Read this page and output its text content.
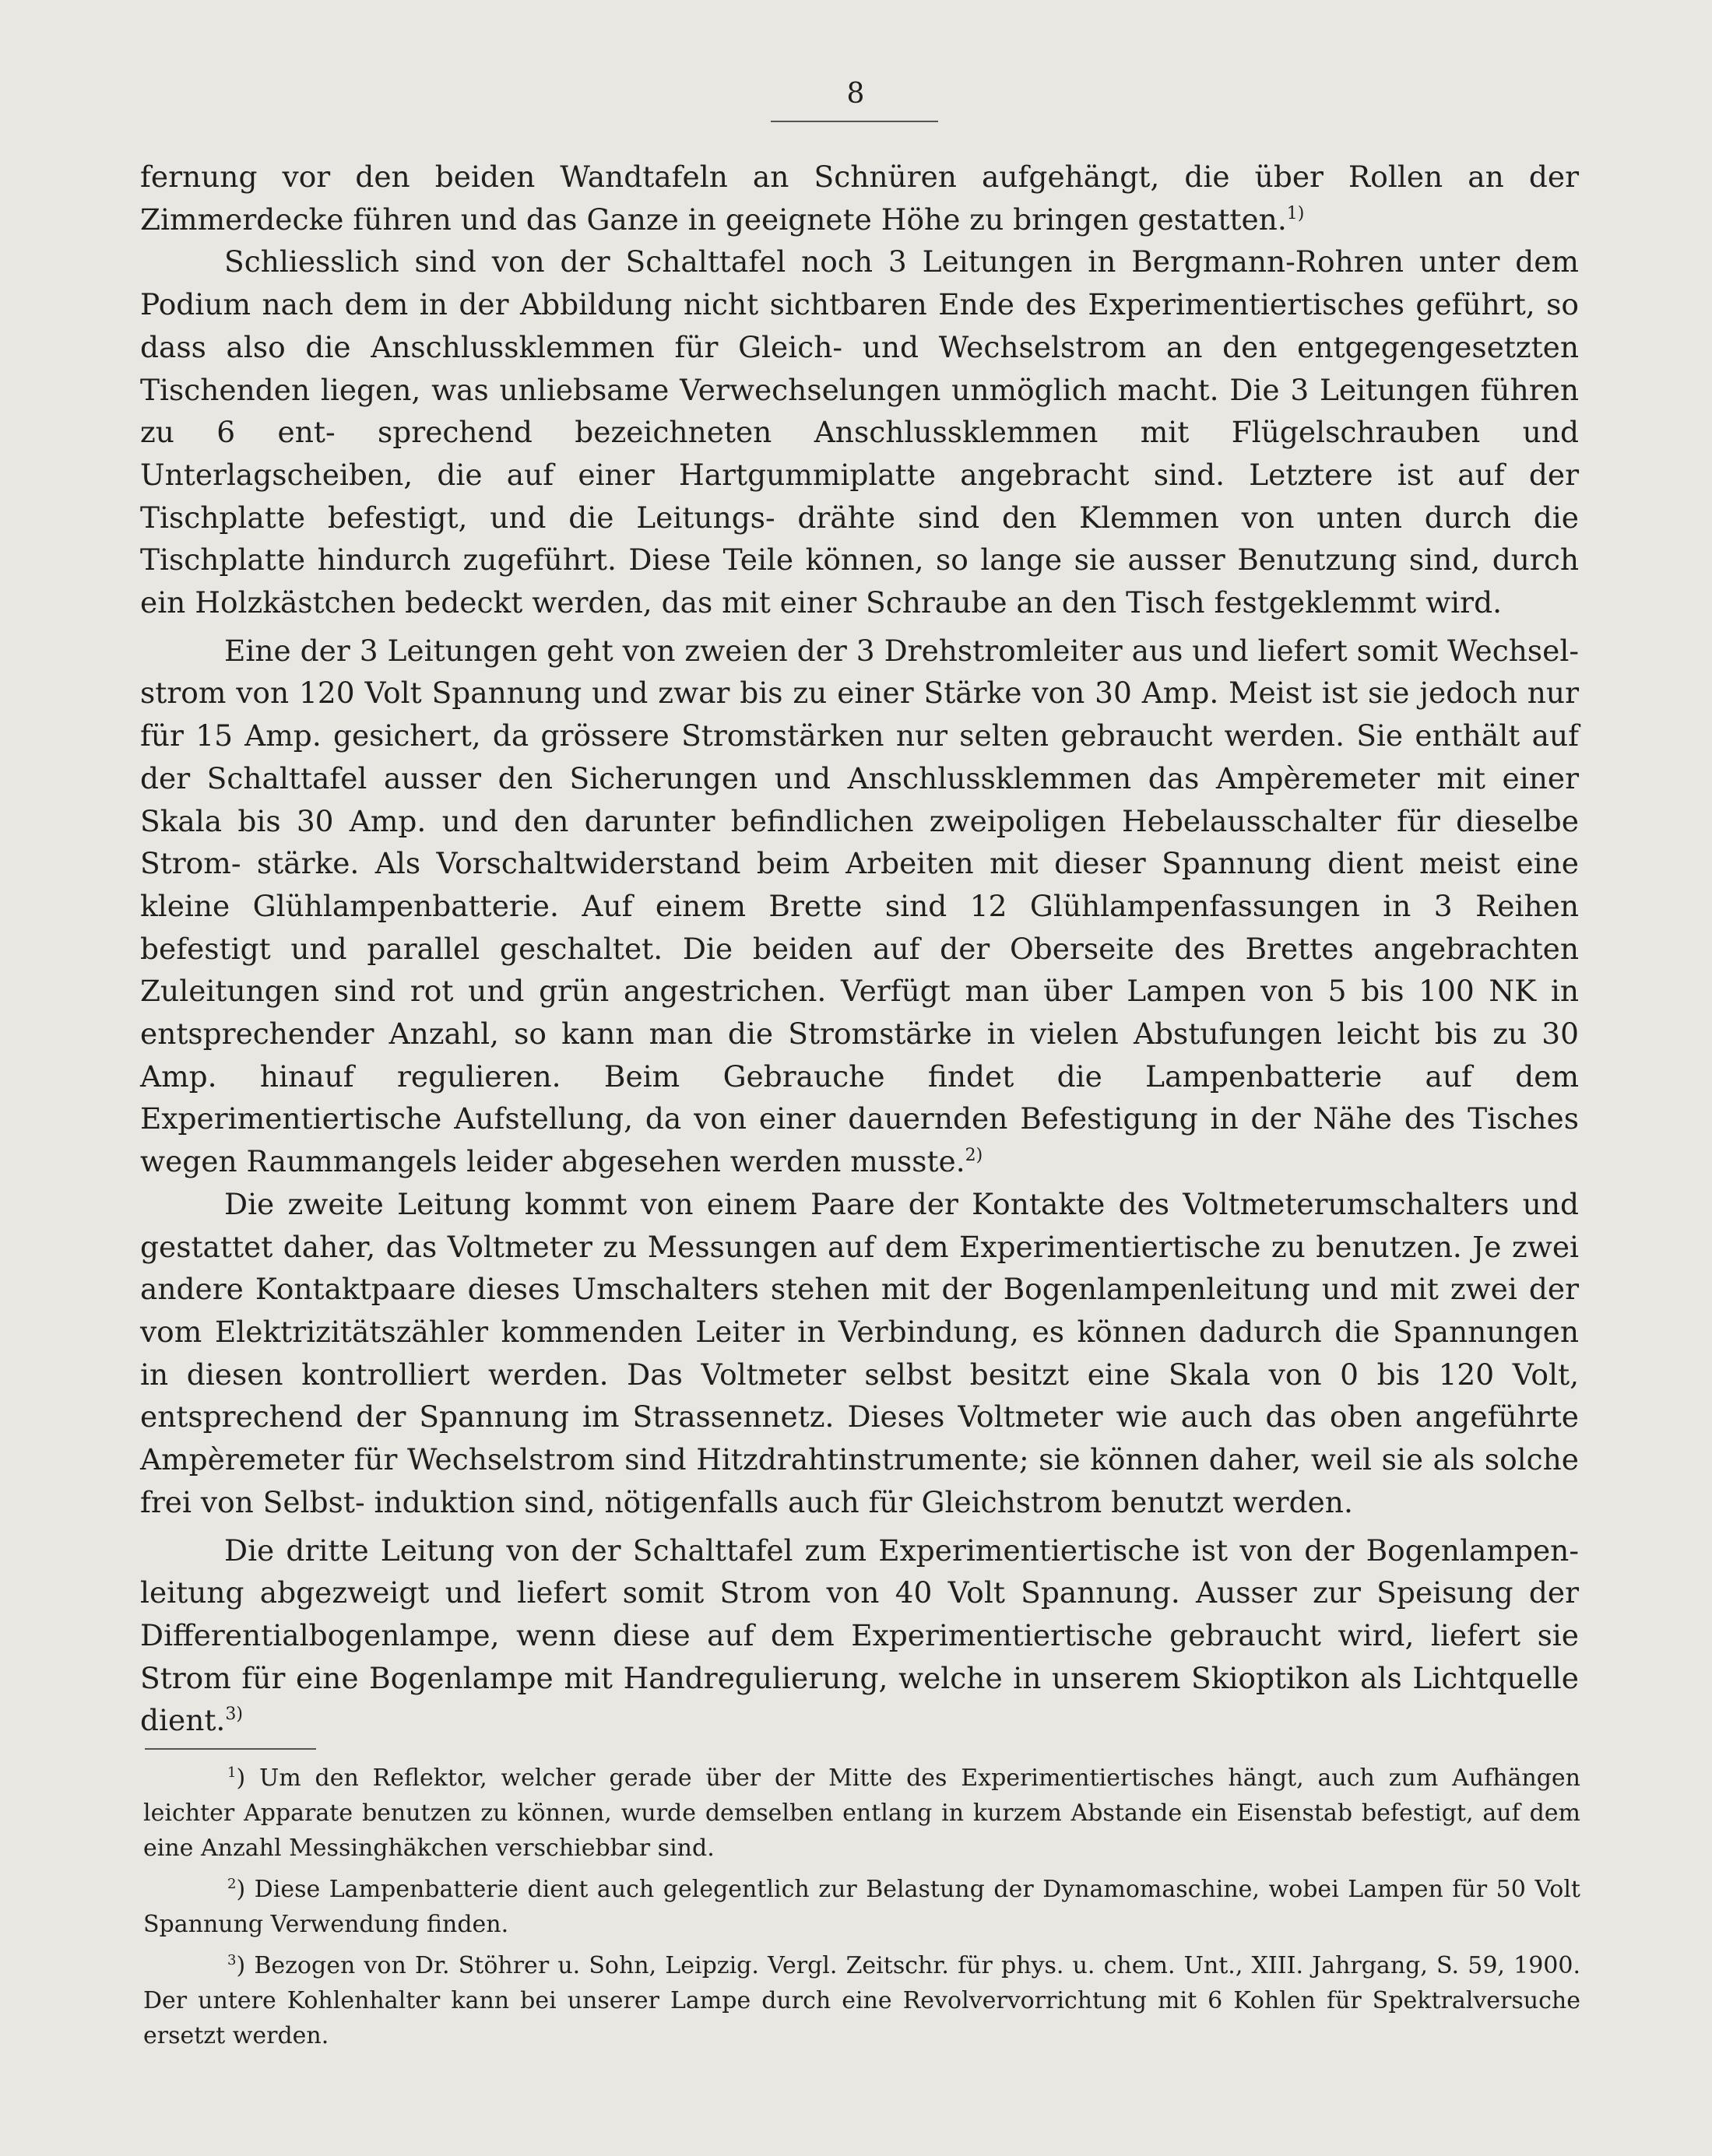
8

fernung vor den beiden Wandtafeln an Schnüren aufgehängt, die über Rollen an der Zimmerdecke führen und das Ganze in geeignete Höhe zu bringen gestatten.$^{1)}$

Schliesslich sind von der Schalttafel noch 3 Leitungen in Bergmann-Rohren unter dem Podium nach dem in der Abbildung nicht sichtbaren Ende des Experimentiertisches geführt, so dass also die Anschlussklemmen für Gleich- und Wechselstrom an den entgegengesetzten Tischenden liegen, was unliebsame Verwechselungen unmöglich macht. Die 3 Leitungen führen zu 6 ent- sprechend bezeichneten Anschlussklemmen mit Flügelschrauben und Unterlagscheiben, die auf einer Hartgummiplatte angebracht sind. Letztere ist auf der Tischplatte befestigt, und die Leitungs- drähte sind den Klemmen von unten durch die Tischplatte hindurch zugeführt. Diese Teile können, so lange sie ausser Benutzung sind, durch ein Holzkästchen bedeckt werden, das mit einer Schraube an den Tisch festgeklemmt wird.

Eine der 3 Leitungen geht von zweien der 3 Drehstromleiter aus und liefert somit Wechsel- strom von 120 Volt Spannung und zwar bis zu einer Stärke von 30 Amp. Meist ist sie jedoch nur für 15 Amp. gesichert, da grössere Stromstärken nur selten gebraucht werden. Sie enthält auf der Schalttafel ausser den Sicherungen und Anschlussklemmen das Ampèremeter mit einer Skala bis 30 Amp. und den darunter befindlichen zweipoligen Hebelausschalter für dieselbe Strom- stärke. Als Vorschaltwiderstand beim Arbeiten mit dieser Spannung dient meist eine kleine Glühlampenbatterie. Auf einem Brette sind 12 Glühlampenfassungen in 3 Reihen befestigt und parallel geschaltet. Die beiden auf der Oberseite des Brettes angebrachten Zuleitungen sind rot und grün angestrichen. Verfügt man über Lampen von 5 bis 100 NK in entsprechender Anzahl, so kann man die Stromstärke in vielen Abstufungen leicht bis zu 30 Amp. hinauf regulieren. Beim Gebrauche findet die Lampenbatterie auf dem Experimentiertische Aufstellung, da von einer dauernden Befestigung in der Nähe des Tisches wegen Raummangels leider abgesehen werden musste.$^{2)}$

Die zweite Leitung kommt von einem Paare der Kontakte des Voltmeterumschalters und gestattet daher, das Voltmeter zu Messungen auf dem Experimentiertische zu benutzen. Je zwei andere Kontaktpaare dieses Umschalters stehen mit der Bogenlampenleitung und mit zwei der vom Elektrizitätszähler kommenden Leiter in Verbindung, es können dadurch die Spannungen in diesen kontrolliert werden. Das Voltmeter selbst besitzt eine Skala von 0 bis 120 Volt, entsprechend der Spannung im Strassennetz. Dieses Voltmeter wie auch das oben angeführte Ampèremeter für Wechselstrom sind Hitzdrahtinstrumente; sie können daher, weil sie als solche frei von Selbst- induktion sind, nötigenfalls auch für Gleichstrom benutzt werden.

Die dritte Leitung von der Schalttafel zum Experimentiertische ist von der Bogenlampen- leitung abgezweigt und liefert somit Strom von 40 Volt Spannung. Ausser zur Speisung der Differentialbogenlampe, wenn diese auf dem Experimentiertische gebraucht wird, liefert sie Strom für eine Bogenlampe mit Handregulierung, welche in unserem Skioptikon als Lichtquelle dient.$^{3)}$

$^1$) Um den Reflektor, welcher gerade über der Mitte des Experimentiertisches hängt, auch zum Aufhängen leichter Apparate benutzen zu können, wurde demselben entlang in kurzem Abstande ein Eisenstab befestigt, auf dem eine Anzahl Messinghäkchen verschiebbar sind.

$^2$) Diese Lampenbatterie dient auch gelegentlich zur Belastung der Dynamomaschine, wobei Lampen für 50 Volt Spannung Verwendung finden.

$^3$) Bezogen von Dr. Stöhrer u. Sohn, Leipzig. Vergl. Zeitschr. für phys. u. chem. Unt., XIII. Jahrgang, S. 59, 1900. Der untere Kohlenhalter kann bei unserer Lampe durch eine Revolvervorrichtung mit 6 Kohlen für Spektralversuche ersetzt werden.
